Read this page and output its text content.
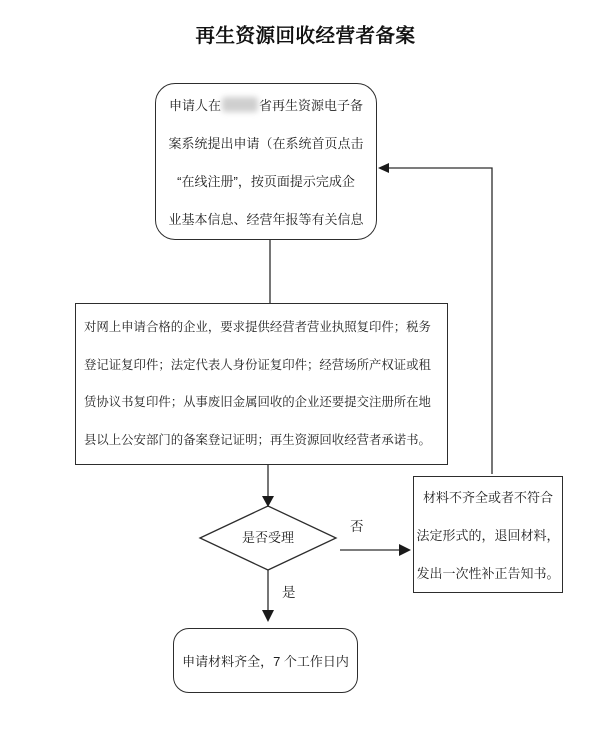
再生资源回收经营者备案
申请人在	省再生资源电子备
案系统提出申请（在系统首页点击
“在线注册”，按页面提示完成企
业基本信息、经营年报等有关信息
对网上申请合格的企业，要求提供经营者营业执照复印件；税务
登记证复印件；法定代表人身份证复印件；经营场所产权证或租
赁协议书复印件；从事废旧金属回收的企业还要提交注册所在地
县以上公安部门的备案登记证明；再生资源回收经营者承诺书。
是否受理
否
是
材料不齐全或者不符合
法定形式的，退回材料，
发出一次性补正告知书。
申请材料齐全，7 个工作日内
